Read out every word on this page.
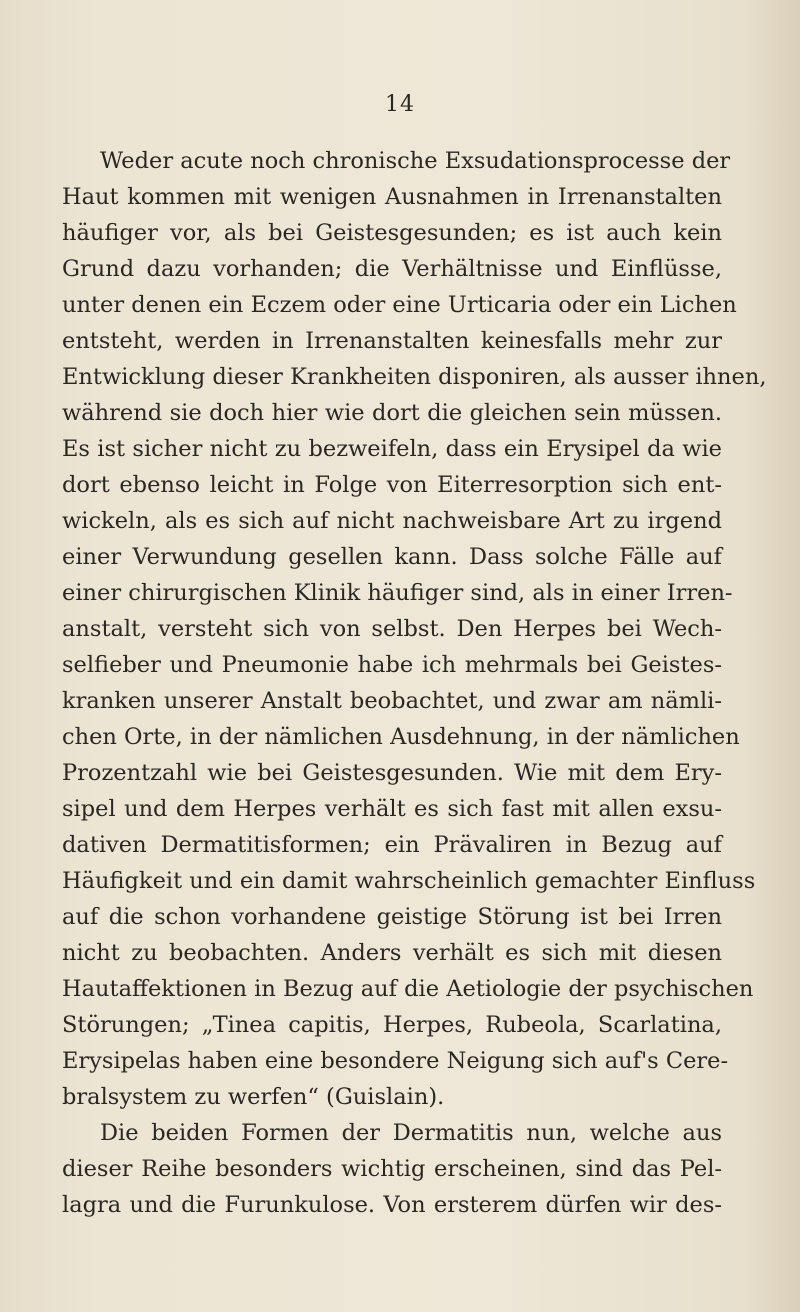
14
Weder acute noch chronische Exsudationsprocesse der
Haut kommen mit wenigen Ausnahmen in Irrenanstalten
häufiger vor, als bei Geistesgesunden; es ist auch kein
Grund dazu vorhanden; die Verhältnisse und Einflüsse,
unter denen ein Eczem oder eine Urticaria oder ein Lichen
entsteht, werden in Irrenanstalten keinesfalls mehr zur
Entwicklung dieser Krankheiten disponiren, als ausser ihnen,
während sie doch hier wie dort die gleichen sein müssen.
Es ist sicher nicht zu bezweifeln, dass ein Erysipel da wie
dort ebenso leicht in Folge von Eiterresorption sich ent-
wickeln, als es sich auf nicht nachweisbare Art zu irgend
einer Verwundung gesellen kann. Dass solche Fälle auf
einer chirurgischen Klinik häufiger sind, als in einer Irren-
anstalt, versteht sich von selbst. Den Herpes bei Wech-
selfieber und Pneumonie habe ich mehrmals bei Geistes-
kranken unserer Anstalt beobachtet, und zwar am nämli-
chen Orte, in der nämlichen Ausdehnung, in der nämlichen
Prozentzahl wie bei Geistesgesunden. Wie mit dem Ery-
sipel und dem Herpes verhält es sich fast mit allen exsu-
dativen Dermatitisformen; ein Prävaliren in Bezug auf
Häufigkeit und ein damit wahrscheinlich gemachter Einfluss
auf die schon vorhandene geistige Störung ist bei Irren
nicht zu beobachten. Anders verhält es sich mit diesen
Hautaffektionen in Bezug auf die Aetiologie der psychischen
Störungen; „Tinea capitis, Herpes, Rubeola, Scarlatina,
Erysipelas haben eine besondere Neigung sich auf's Cere-
bralsystem zu werfen“ (Guislain).
Die beiden Formen der Dermatitis nun, welche aus
dieser Reihe besonders wichtig erscheinen, sind das Pel-
lagra und die Furunkulose. Von ersterem dürfen wir des-
